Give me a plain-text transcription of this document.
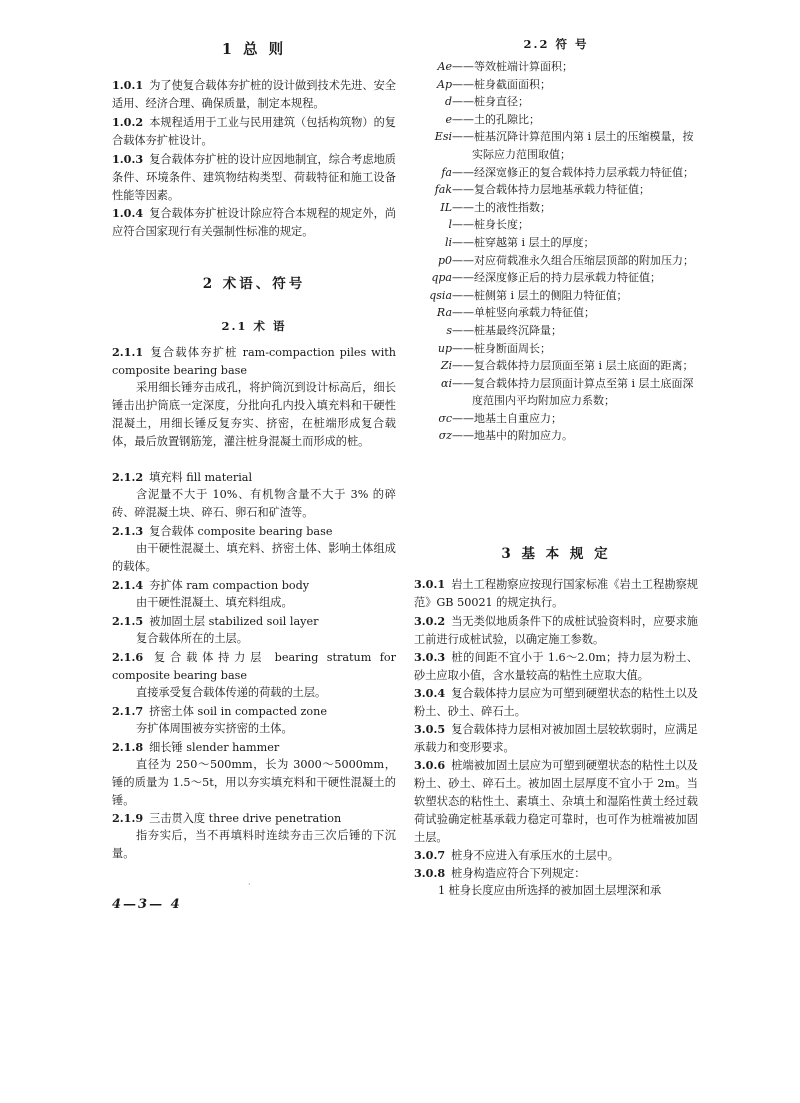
1 总 则
1.0.1 为了使复合载体夯扩桩的设计做到技术先进、安全适用、经济合理、确保质量，制定本规程。
1.0.2 本规程适用于工业与民用建筑（包括构筑物）的复合载体夯扩桩设计。
1.0.3 复合载体夯扩桩的设计应因地制宜，综合考虑地质条件、环境条件、建筑物结构类型、荷载特征和施工设备性能等因素。
1.0.4 复合载体夯扩桩设计除应符合本规程的规定外，尚应符合国家现行有关强制性标准的规定。
2 术语、符号
2.1 术 语
2.1.1 复合载体夯扩桩 ram-compaction piles with composite bearing base
采用细长锤夯击成孔，将护筒沉到设计标高后，细长锤击出护筒底一定深度，分批向孔内投入填充料和干硬性混凝土，用细长锤反复夯实、挤密，在桩端形成复合载体，最后放置钢筋笼，灌注桩身混凝土而形成的桩。
2.1.2 填充料 fill material
含泥量不大于 10%、有机物含量不大于 3% 的碎砖、碎混凝土块、碎石、卵石和矿渣等。
2.1.3 复合载体 composite bearing base
由干硬性混凝土、填充料、挤密土体、影响土体组成的载体。
2.1.4 夯扩体 ram compaction body
由干硬性混凝土、填充料组成。
2.1.5 被加固土层 stabilized soil layer
复合载体所在的土层。
2.1.6 复合载体持力层 bearing stratum for composite bearing base
直接承受复合载体传递的荷载的土层。
2.1.7 挤密土体 soil in compacted zone
夯扩体周围被夯实挤密的土体。
2.1.8 细长锤 slender hammer
直径为 250～500mm，长为 3000～5000mm，锤的质量为 1.5～5t，用以夯实填充料和干硬性混凝土的锤。
2.1.9 三击贯入度 three drive penetration
指夯实后，当不再填料时连续夯击三次后锤的下沉量。
·
4—3— 4
2.2 符 号
Ae——等效桩端计算面积；
Ap——桩身截面面积；
d——桩身直径；
e——土的孔隙比；
Esi——桩基沉降计算范围内第 i 层土的压缩模量，按实际应力范围取值；
fa——经深宽修正的复合载体持力层承载力特征值；
fak——复合载体持力层地基承载力特征值；
IL——土的液性指数；
l——桩身长度；
li——桩穿越第 i 层土的厚度；
p0——对应荷载准永久组合压缩层顶部的附加压力；
qpa——经深度修正后的持力层承载力特征值；
qsia——桩侧第 i 层土的侧阻力特征值；
Ra——单桩竖向承载力特征值；
s——桩基最终沉降量；
up——桩身断面周长；
Zi——复合载体持力层顶面至第 i 层土底面的距离；
αi——复合载体持力层顶面计算点至第 i 层土底面深度范围内平均附加应力系数；
σc——地基土自重应力；
σz——地基中的附加应力。
3 基 本 规 定
3.0.1 岩土工程勘察应按现行国家标准《岩土工程勘察规范》GB 50021 的规定执行。
3.0.2 当无类似地质条件下的成桩试验资料时，应要求施工前进行成桩试验，以确定施工参数。
3.0.3 桩的间距不宜小于 1.6～2.0m；持力层为粉土、砂土应取小值，含水量较高的粘性土应取大值。
3.0.4 复合载体持力层应为可塑到硬塑状态的粘性土以及粉土、砂土、碎石土。
3.0.5 复合载体持力层相对被加固土层较软弱时，应满足承载力和变形要求。
3.0.6 桩端被加固土层应为可塑到硬塑状态的粘性土以及粉土、砂土、碎石土。被加固土层厚度不宜小于 2m。当软塑状态的粘性土、素填土、杂填土和湿陷性黄土经过载荷试验确定桩基承载力稳定可靠时，也可作为桩端被加固土层。
3.0.7 桩身不应进入有承压水的土层中。
3.0.8 桩身构造应符合下列规定：
1 桩身长度应由所选择的被加固土层埋深和承
